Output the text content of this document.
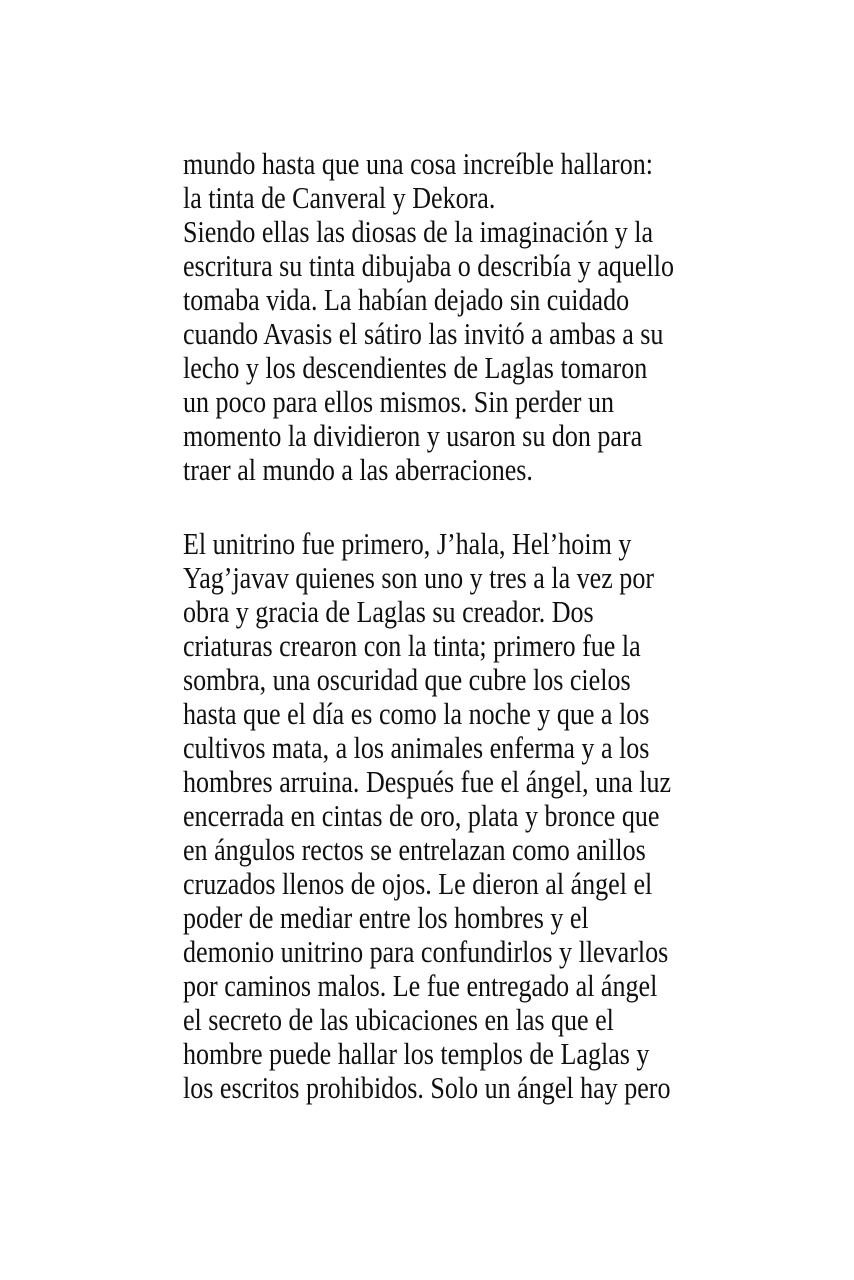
mundo hasta que una cosa increíble hallaron:
la tinta de Canveral y Dekora.
Siendo ellas las diosas de la imaginación y la
escritura su tinta dibujaba o describía y aquello
tomaba vida. La habían dejado sin cuidado
cuando Avasis el sátiro las invitó a ambas a su
lecho y los descendientes de Laglas tomaron
un poco para ellos mismos. Sin perder un
momento la dividieron y usaron su don para
traer al mundo a las aberraciones.
El unitrino fue primero, J’hala, Hel’hoim y
Yag’javav quienes son uno y tres a la vez por
obra y gracia de Laglas su creador. Dos
criaturas crearon con la tinta; primero fue la
sombra, una oscuridad que cubre los cielos
hasta que el día es como la noche y que a los
cultivos mata, a los animales enferma y a los
hombres arruina. Después fue el ángel, una luz
encerrada en cintas de oro, plata y bronce que
en ángulos rectos se entrelazan como anillos
cruzados llenos de ojos. Le dieron al ángel el
poder de mediar entre los hombres y el
demonio unitrino para confundirlos y llevarlos
por caminos malos. Le fue entregado al ángel
el secreto de las ubicaciones en las que el
hombre puede hallar los templos de Laglas y
los escritos prohibidos. Solo un ángel hay pero
